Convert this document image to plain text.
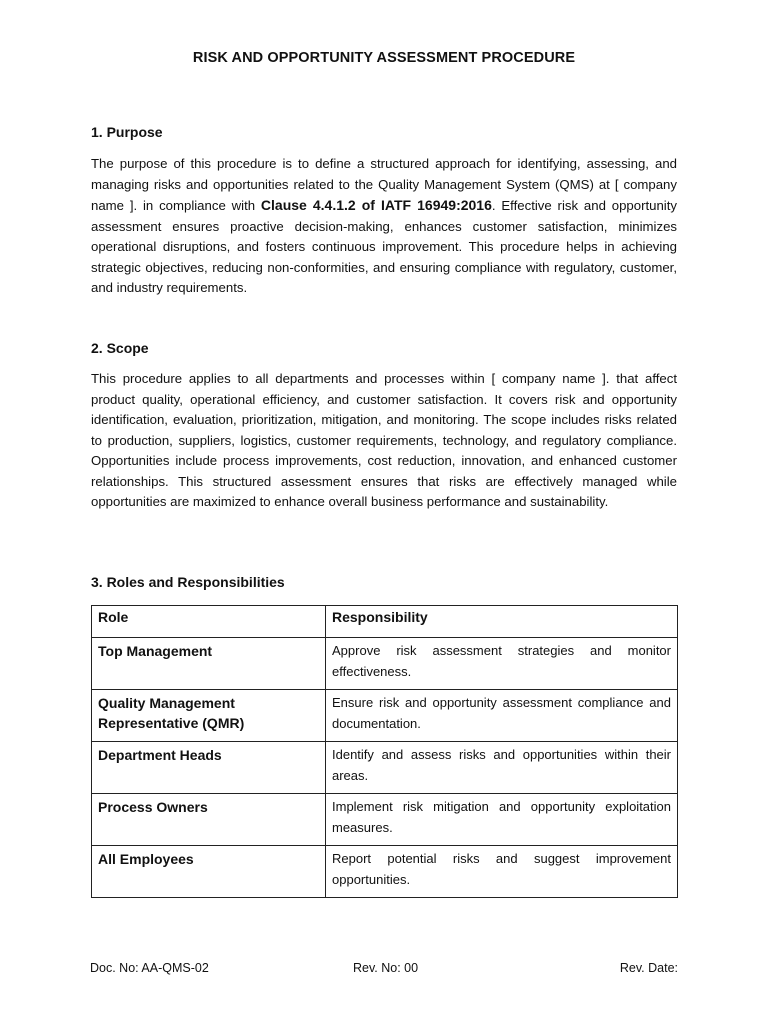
RISK AND OPPORTUNITY ASSESSMENT PROCEDURE
1. Purpose
The purpose of this procedure is to define a structured approach for identifying, assessing, and managing risks and opportunities related to the Quality Management System (QMS) at [ company name ]. in compliance with Clause 4.4.1.2 of IATF 16949:2016. Effective risk and opportunity assessment ensures proactive decision-making, enhances customer satisfaction, minimizes operational disruptions, and fosters continuous improvement. This procedure helps in achieving strategic objectives, reducing non-conformities, and ensuring compliance with regulatory, customer, and industry requirements.
2. Scope
This procedure applies to all departments and processes within [ company name ]. that affect product quality, operational efficiency, and customer satisfaction. It covers risk and opportunity identification, evaluation, prioritization, mitigation, and monitoring. The scope includes risks related to production, suppliers, logistics, customer requirements, technology, and regulatory compliance. Opportunities include process improvements, cost reduction, innovation, and enhanced customer relationships. This structured assessment ensures that risks are effectively managed while opportunities are maximized to enhance overall business performance and sustainability.
3. Roles and Responsibilities
Role	Responsibility
Top Management	Approve risk assessment strategies and monitor effectiveness.
Quality Management Representative (QMR)	Ensure risk and opportunity assessment compliance and documentation.
Department Heads	Identify and assess risks and opportunities within their areas.
Process Owners	Implement risk mitigation and opportunity exploitation measures.
All Employees	Report potential risks and suggest improvement opportunities.
Doc. No: AA-QMS-02	Rev. No: 00	Rev. Date:
